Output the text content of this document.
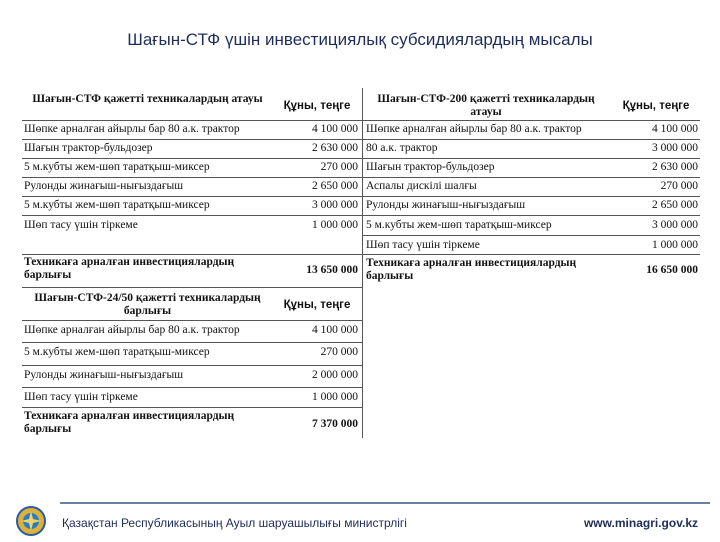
Шағын-СТФ үшін инвестициялық субсидиялардың мысалы
Шағын-СТФ қажетті техникалардың атауы
Құны, теңге
Шөпке арналған айырлы бар 80 а.к. трактор	4 100 000
Шағын трактор-бульдозер	2 630 000
5 м.кубты жем-шөп таратқыш-миксер	270 000
Рулонды жинағыш-нығыздағыш	2 650 000
5 м.кубты жем-шөп таратқыш-миксер	3 000 000
Шөп тасу үшін тіркеме	1 000 000
Техникаға арналған инвестициялардың барлығы	13 650 000
Шағын-СТФ-200 қажетті техникалардың атауы	Құны, теңге
Шөпке арналған айырлы бар 80 а.к. трактор	4 100 000
80 а.к. трактор	3 000 000
Шағын трактор-бульдозер	2 630 000
Аспалы дискілі шалғы	270 000
Рулонды жинағыш-нығыздағыш	2 650 000
5 м.кубты жем-шөп таратқыш-миксер	3 000 000
Шөп тасу үшін тіркеме	1 000 000
Техникаға арналған инвестициялардың барлығы	16 650 000
Шағын-СТФ-24/50 қажетті техникалардың барлығы	Құны, теңге
Шөпке арналған айырлы бар 80 а.к. трактор	4 100 000
5 м.кубты жем-шөп таратқыш-миксер	270 000
Рулонды жинағыш-нығыздағыш	2 000 000
Шөп тасу үшін тіркеме	1 000 000
Техникаға арналған инвестициялардың барлығы	7 370 000
Қазақстан Республикасының Ауыл шаруашылығы министрлігі	www.minagri.gov.kz
